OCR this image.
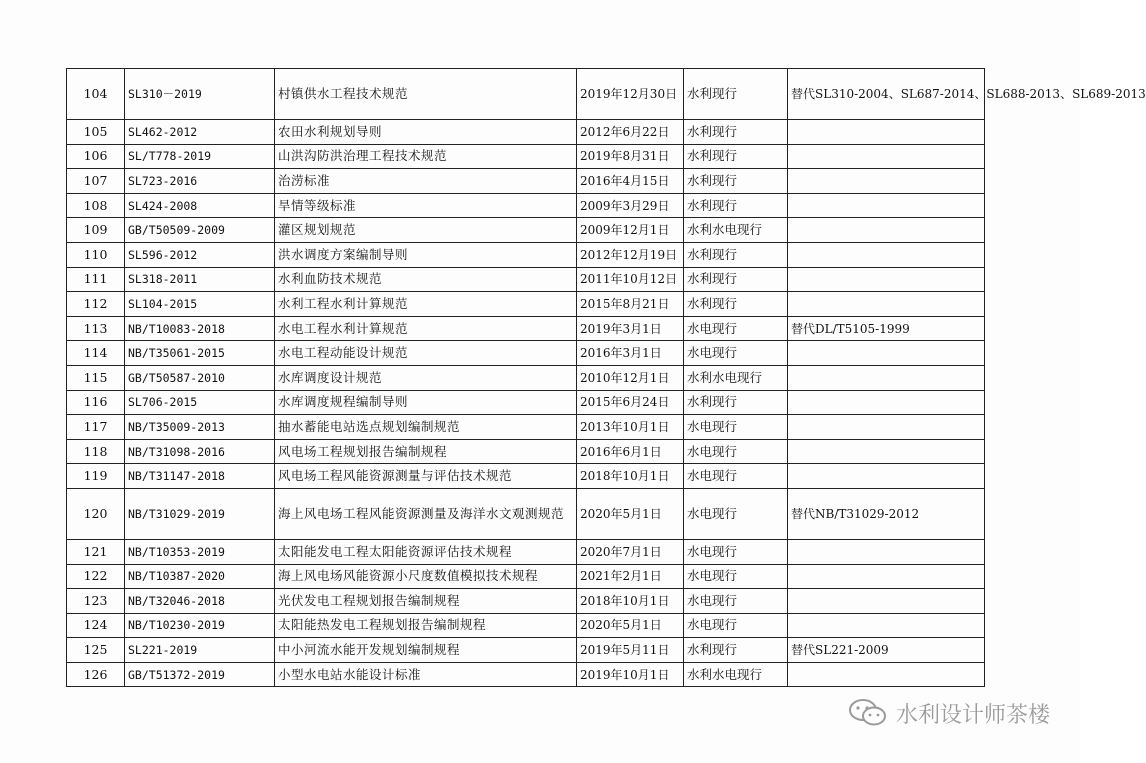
104	SL310－2019	村镇供水工程技术规范	2019年12月30日	水利现行	替代SL310-2004、SL687-2014、SL688-2013、SL689-2013
105	SL462-2012	农田水利规划导则	2012年6月22日	水利现行	
106	SL/T778-2019	山洪沟防洪治理工程技术规范	2019年8月31日	水利现行	
107	SL723-2016	治涝标准	2016年4月15日	水利现行	
108	SL424-2008	旱情等级标准	2009年3月29日	水利现行	
109	GB/T50509-2009	灌区规划规范	2009年12月1日	水利水电现行	
110	SL596-2012	洪水调度方案编制导则	2012年12月19日	水利现行	
111	SL318-2011	水利血防技术规范	2011年10月12日	水利现行	
112	SL104-2015	水利工程水利计算规范	2015年8月21日	水利现行	
113	NB/T10083-2018	水电工程水利计算规范	2019年3月1日	水电现行	替代DL/T5105-1999
114	NB/T35061-2015	水电工程动能设计规范	2016年3月1日	水电现行	
115	GB/T50587-2010	水库调度设计规范	2010年12月1日	水利水电现行	
116	SL706-2015	水库调度规程编制导则	2015年6月24日	水利现行	
117	NB/T35009-2013	抽水蓄能电站选点规划编制规范	2013年10月1日	水电现行	
118	NB/T31098-2016	风电场工程规划报告编制规程	2016年6月1日	水电现行	
119	NB/T31147-2018	风电场工程风能资源测量与评估技术规范	2018年10月1日	水电现行	
120	NB/T31029-2019	海上风电场工程风能资源测量及海洋水文观测规范	2020年5月1日	水电现行	替代NB/T31029-2012
121	NB/T10353-2019	太阳能发电工程太阳能资源评估技术规程	2020年7月1日	水电现行	
122	NB/T10387-2020	海上风电场风能资源小尺度数值模拟技术规程	2021年2月1日	水电现行	
123	NB/T32046-2018	光伏发电工程规划报告编制规程	2018年10月1日	水电现行	
124	NB/T10230-2019	太阳能热发电工程规划报告编制规程	2020年5月1日	水电现行	
125	SL221-2019	中小河流水能开发规划编制规程	2019年5月11日	水利现行	替代SL221-2009
126	GB/T51372-2019	小型水电站水能设计标准	2019年10月1日	水利水电现行	
水利设计师茶楼
